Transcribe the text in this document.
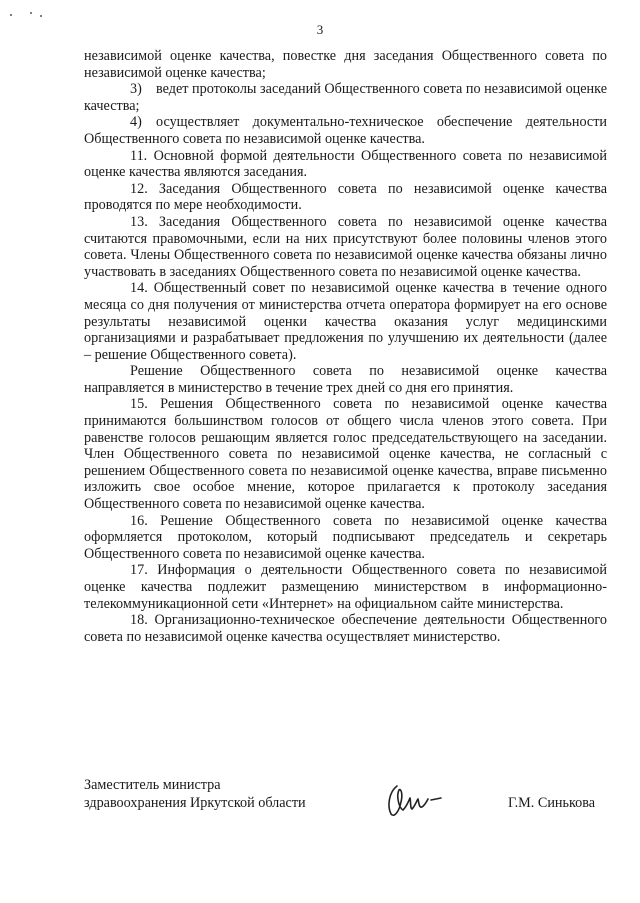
3

независимой оценке качества, повестке дня заседания Общественного совета по независимой оценке качества;

3) ведет протоколы заседаний Общественного совета по независимой оценке качества;

4) осуществляет документально-техническое обеспечение деятельности Общественного совета по независимой оценке качества.

11. Основной формой деятельности Общественного совета по независимой оценке качества являются заседания.

12. Заседания Общественного совета по независимой оценке качества проводятся по мере необходимости.

13. Заседания Общественного совета по независимой оценке качества считаются правомочными, если на них присутствуют более половины членов этого совета. Члены Общественного совета по независимой оценке качества обязаны лично участвовать в заседаниях Общественного совета по независимой оценке качества.

14. Общественный совет по независимой оценке качества в течение одного месяца со дня получения от министерства отчета оператора формирует на его основе результаты независимой оценки качества оказания услуг медицинскими организациями и разрабатывает предложения по улучшению их деятельности (далее – решение Общественного совета).

Решение Общественного совета по независимой оценке качества направляется в министерство в течение трех дней со дня его принятия.

15. Решения Общественного совета по независимой оценке качества принимаются большинством голосов от общего числа членов этого совета. При равенстве голосов решающим является голос председательствующего на заседании. Член Общественного совета по независимой оценке качества, не согласный с решением Общественного совета по независимой оценке качества, вправе письменно изложить свое особое мнение, которое прилагается к протоколу заседания Общественного совета по независимой оценке качества.

16. Решение Общественного совета по независимой оценке качества оформляется протоколом, который подписывают председатель и секретарь Общественного совета по независимой оценке качества.

17. Информация о деятельности Общественного совета по независимой оценке качества подлежит размещению министерством в информационно-телекоммуникационной сети «Интернет» на официальном сайте министерства.

18. Организационно-техническое обеспечение деятельности Общественного совета по независимой оценке качества осуществляет министерство.

Заместитель министра
здравоохранения Иркутской области	Г.М. Синькова
